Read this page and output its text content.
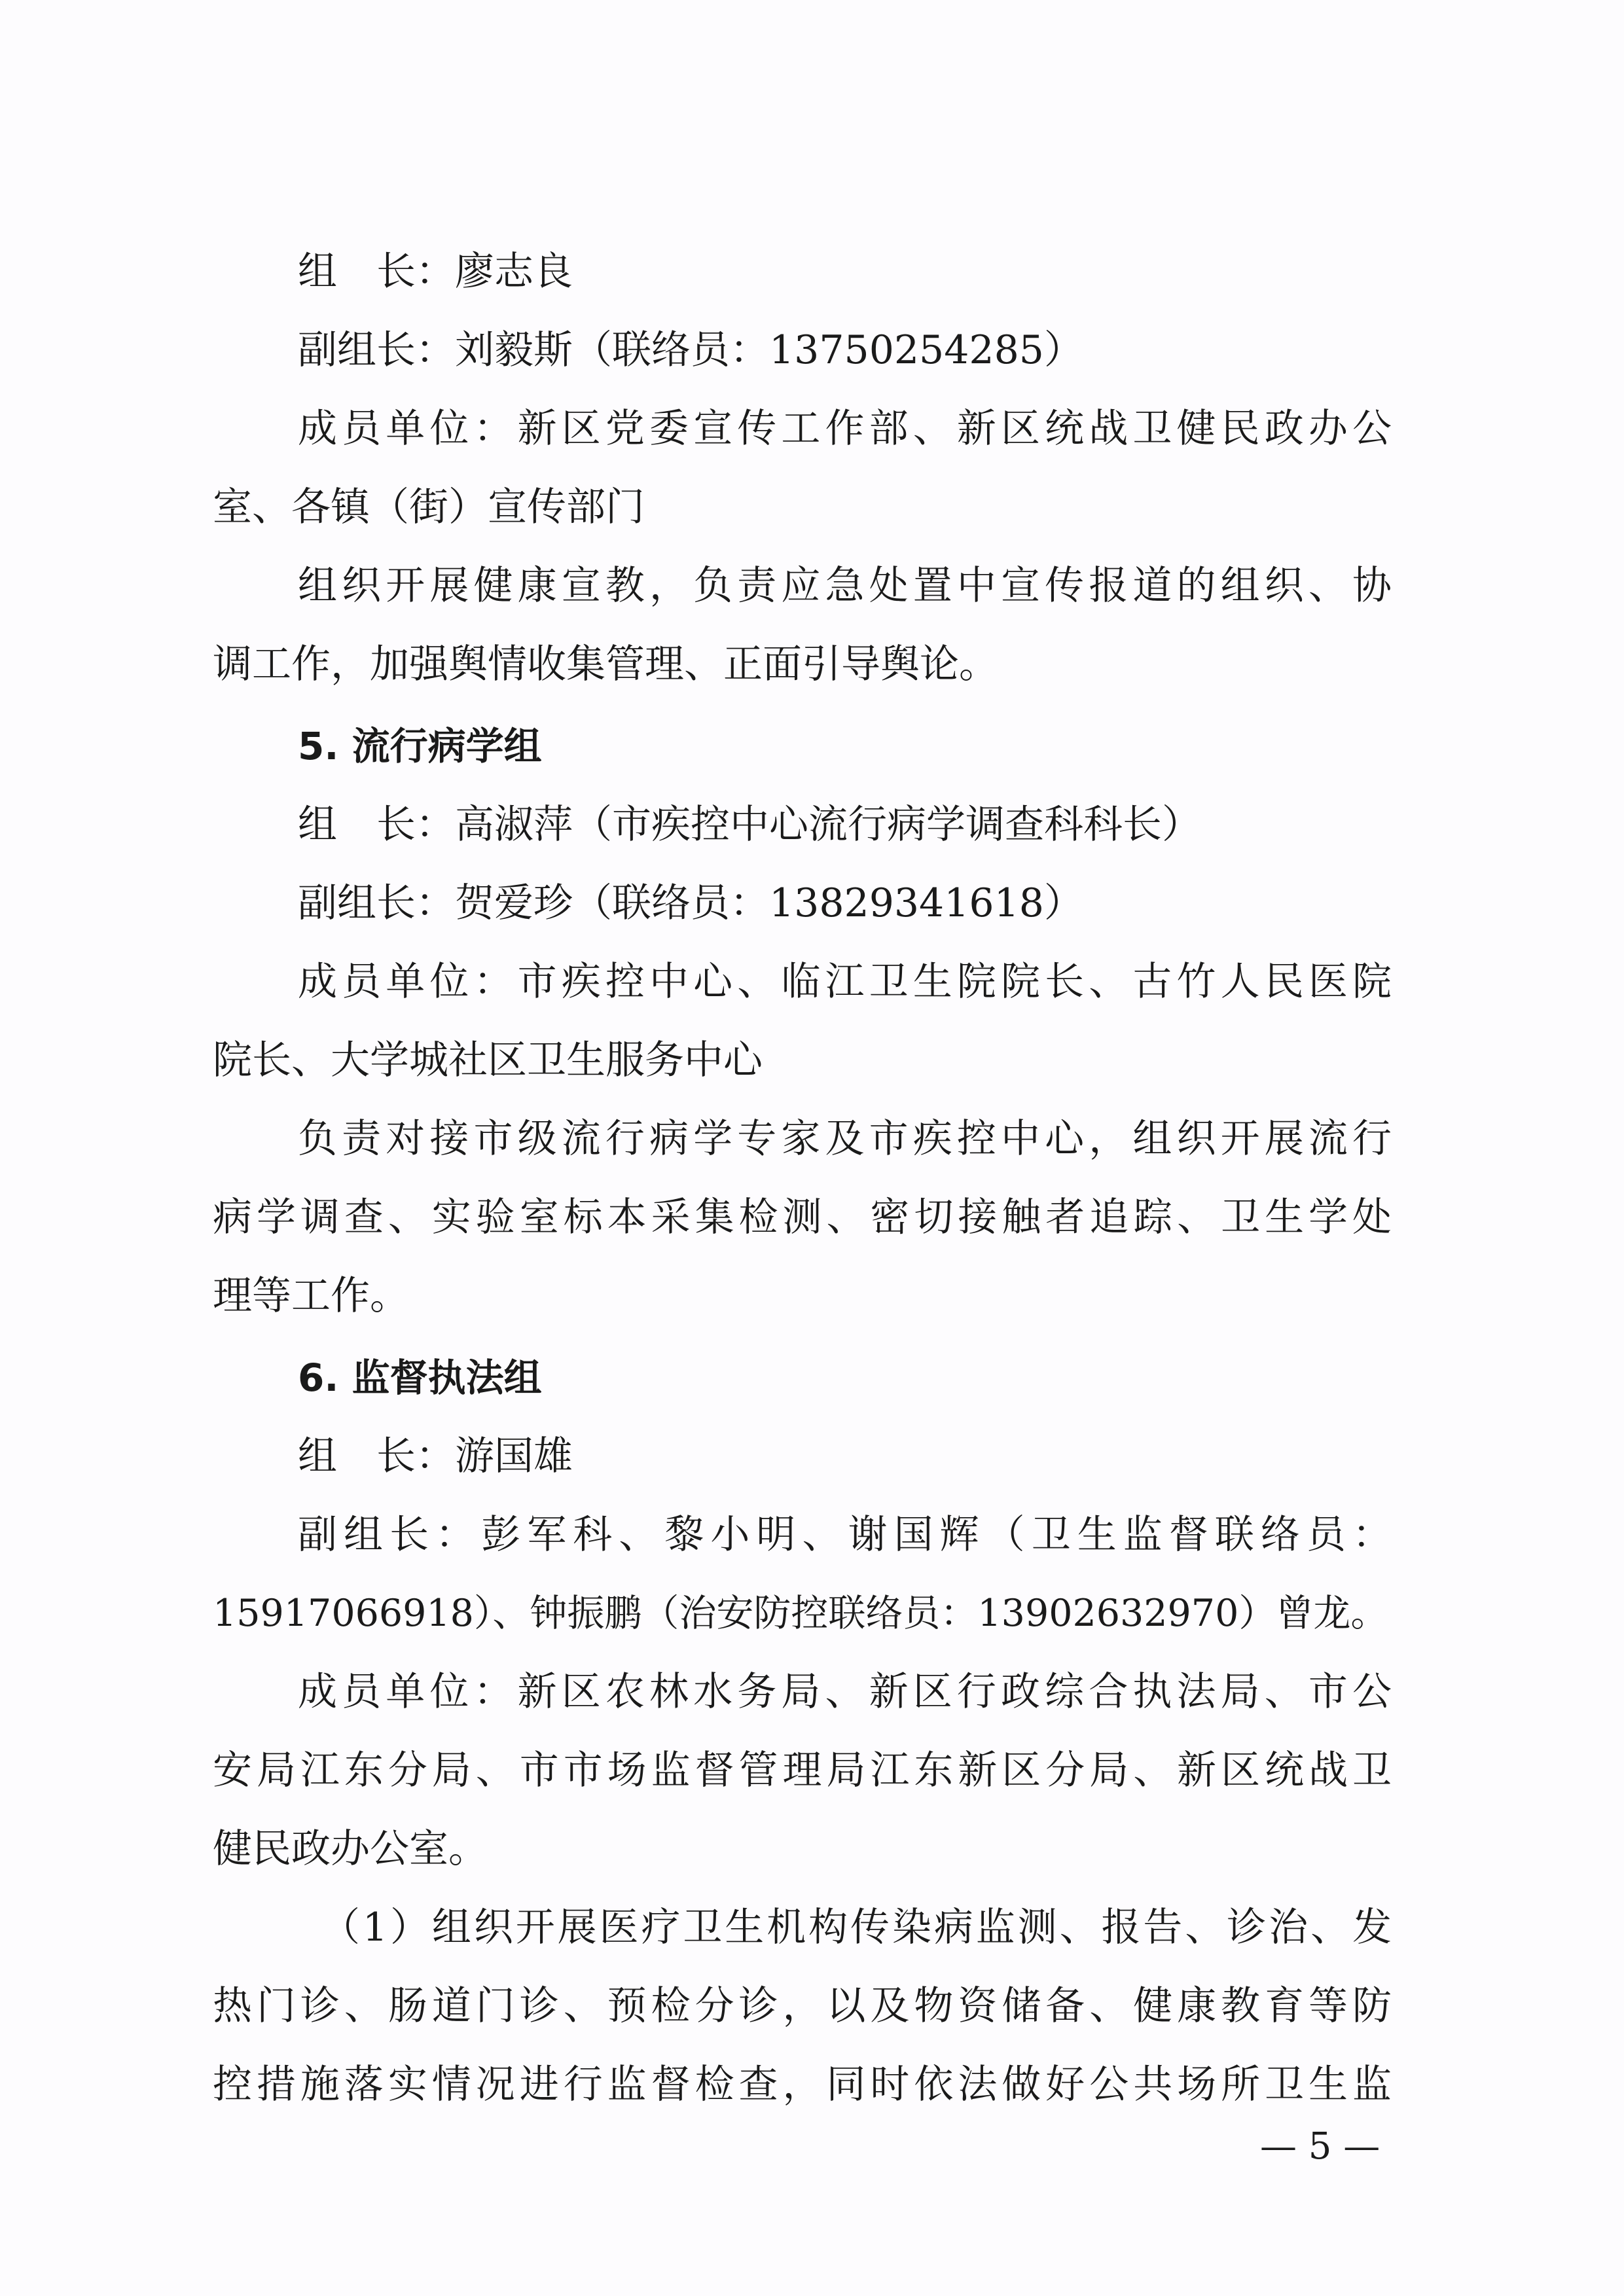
组　长：廖志良
副组长：刘毅斯（联络员：13750254285）
成员单位：新区党委宣传工作部、新区统战卫健民政办公
室、各镇（街）宣传部门
组织开展健康宣教，负责应急处置中宣传报道的组织、协
调工作，加强舆情收集管理、正面引导舆论。
5. 流行病学组
组　长：高淑萍（市疾控中心流行病学调查科科长）
副组长：贺爱珍（联络员：13829341618）
成员单位：市疾控中心、临江卫生院院长、古竹人民医院
院长、大学城社区卫生服务中心
负责对接市级流行病学专家及市疾控中心，组织开展流行
病学调查、实验室标本采集检测、密切接触者追踪、卫生学处
理等工作。
6. 监督执法组
组　长：游国雄
副组长：彭军科、黎小明、谢国辉（卫生监督联络员：
15917066918）、钟振鹏（治安防控联络员：13902632970）曾龙。
成员单位：新区农林水务局、新区行政综合执法局、市公
安局江东分局、市市场监督管理局江东新区分局、新区统战卫
健民政办公室。
（1）组织开展医疗卫生机构传染病监测、报告、诊治、发
热门诊、肠道门诊、预检分诊，以及物资储备、健康教育等防
控措施落实情况进行监督检查，同时依法做好公共场所卫生监
— 5 —
